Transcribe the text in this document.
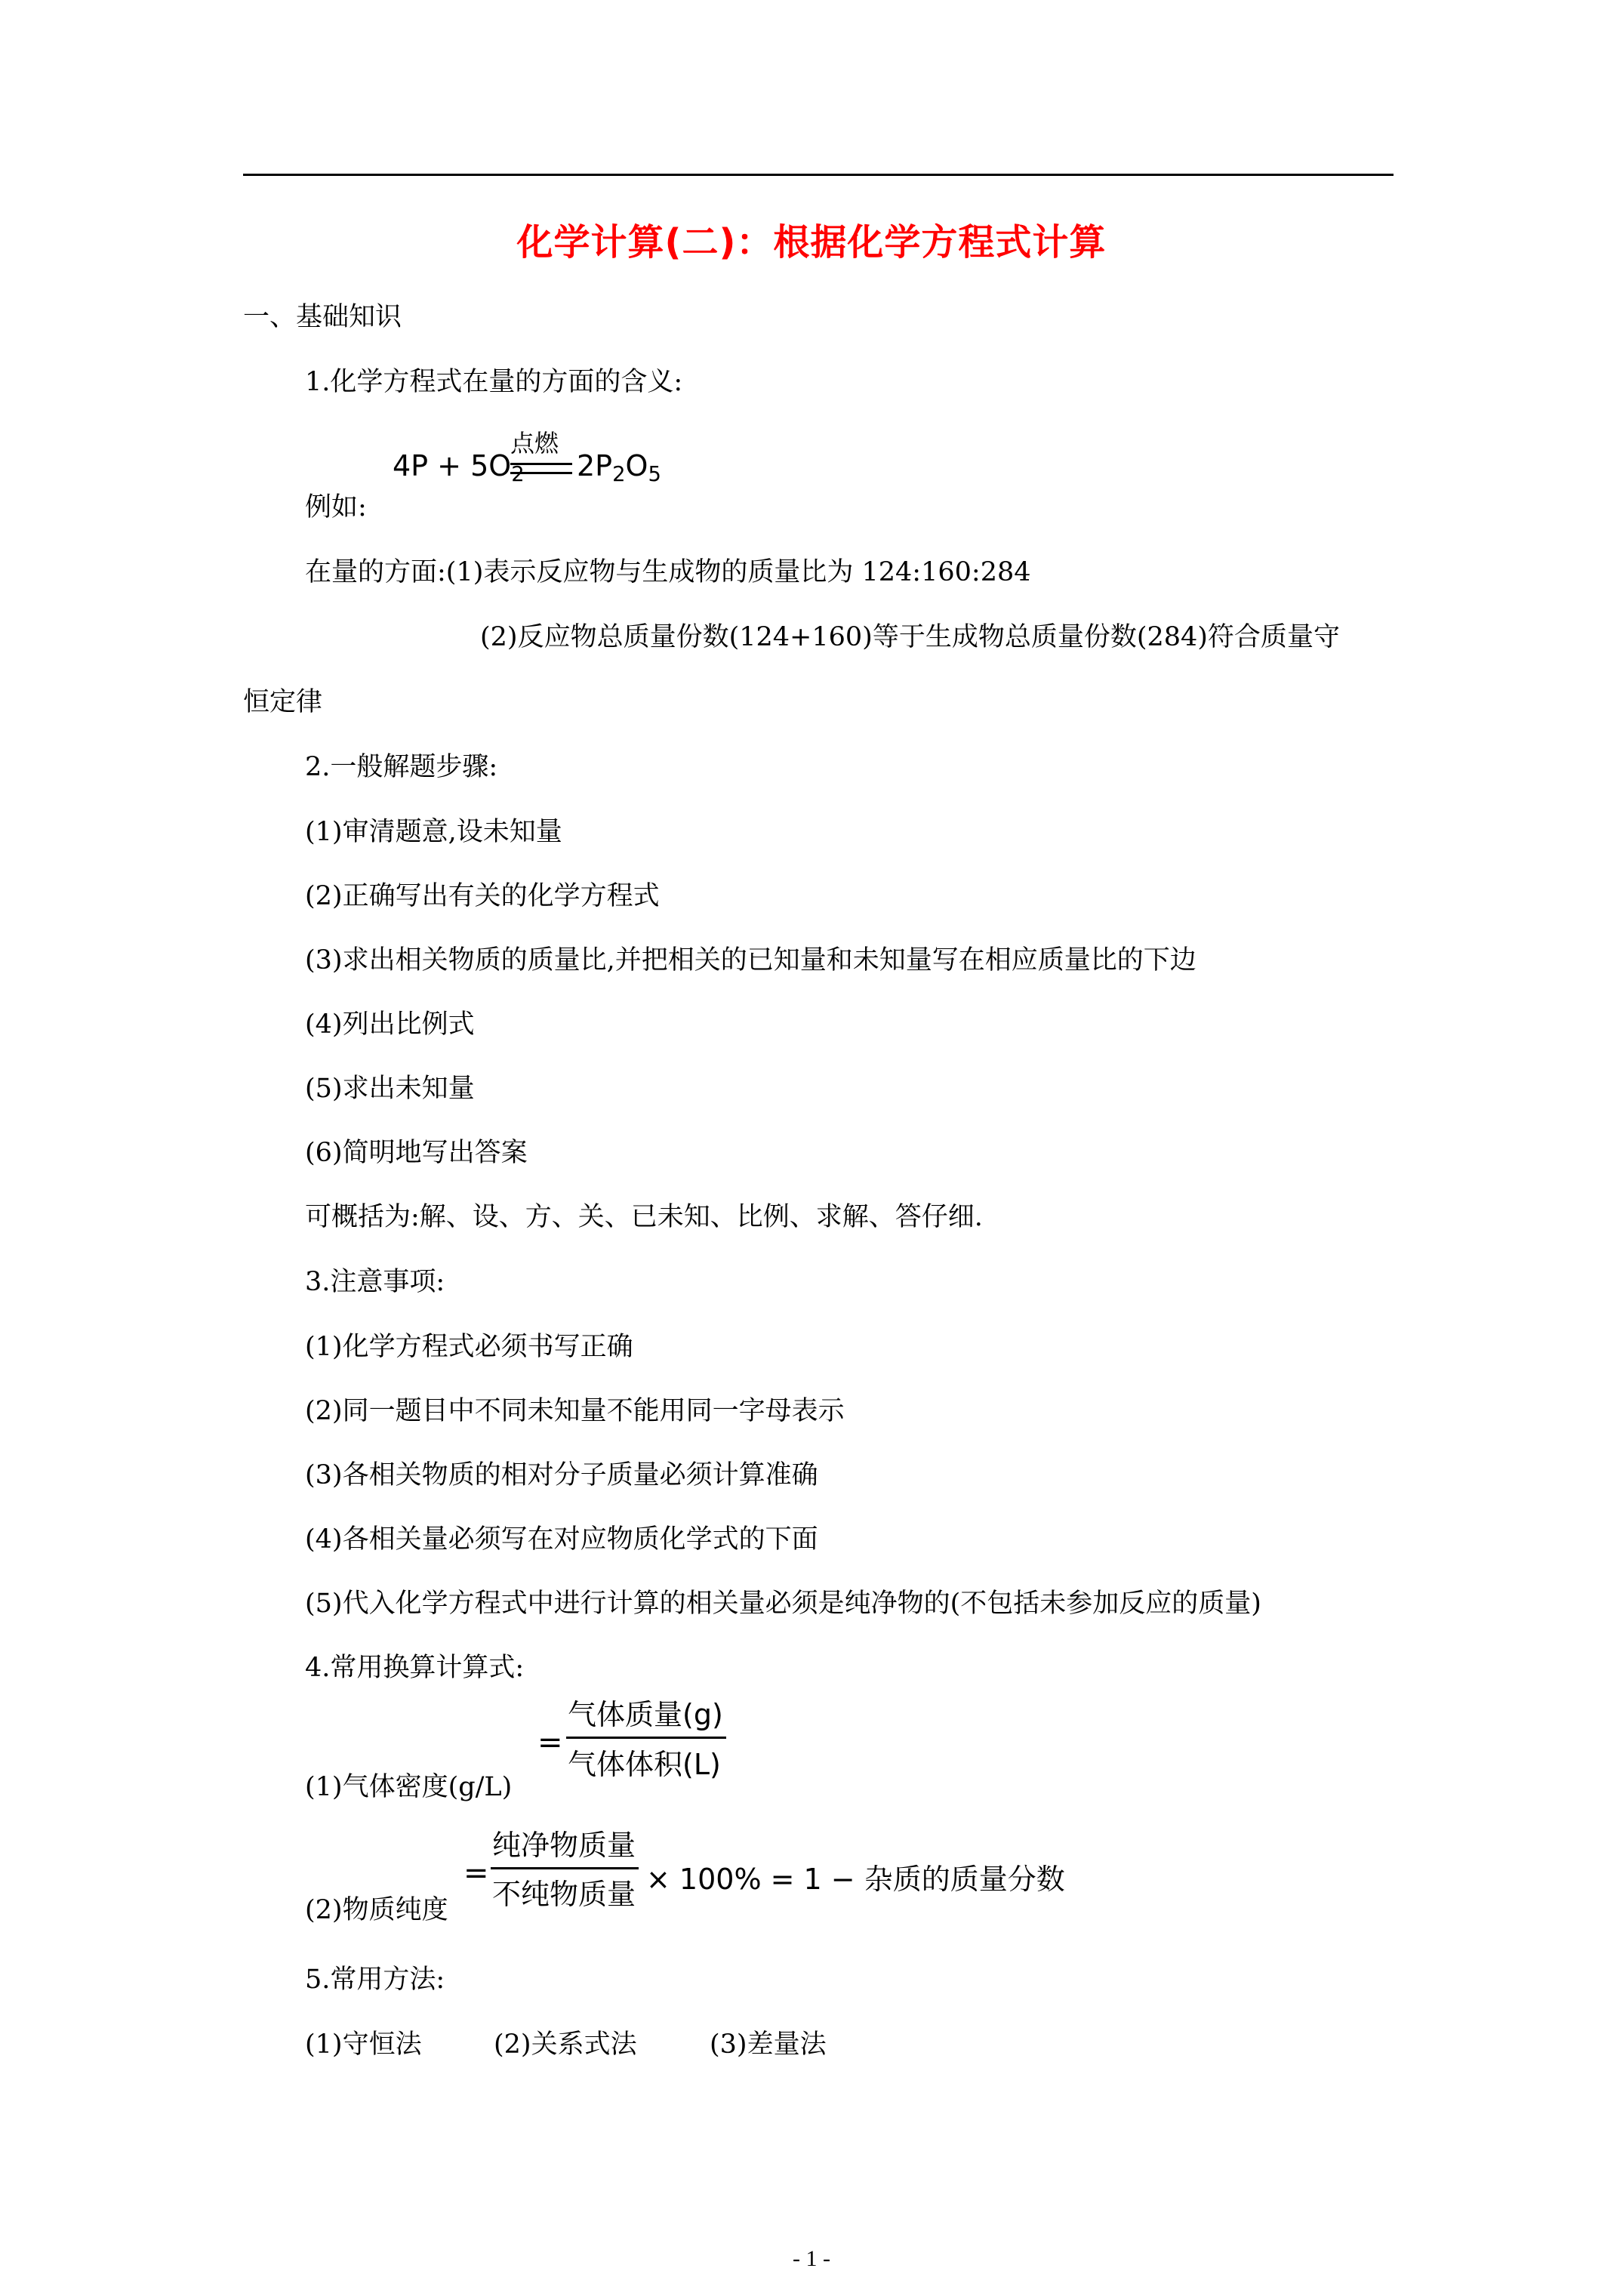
化学计算(二)：根据化学方程式计算
一、基础知识
1.化学方程式在量的方面的含义:
$4P + 5O_2$
点燃
$2P_2O_5$
例如:
在量的方面:(1)表示反应物与生成物的质量比为 124:160:284
(2)反应物总质量份数(124+160)等于生成物总质量份数(284)符合质量守
恒定律
2.一般解题步骤:
(1)审清题意,设未知量
(2)正确写出有关的化学方程式
(3)求出相关物质的质量比,并把相关的已知量和未知量写在相应质量比的下边
(4)列出比例式
(5)求出未知量
(6)简明地写出答案
可概括为:解、设、方、关、已未知、比例、求解、答仔细.
3.注意事项:
(1)化学方程式必须书写正确
(2)同一题目中不同未知量不能用同一字母表示
(3)各相关物质的相对分子质量必须计算准确
(4)各相关量必须写在对应物质化学式的下面
(5)代入化学方程式中进行计算的相关量必须是纯净物的(不包括未参加反应的质量)
4.常用换算计算式:
(1)气体密度(g/L)
=
气体质量(g)
气体体积(L)
(2)物质纯度
=
纯净物质量
不纯物质量 × 100% = 1 − 杂质的质量分数
5.常用方法:
(1)守恒法	(2)关系式法	(3)差量法
- 1 -
